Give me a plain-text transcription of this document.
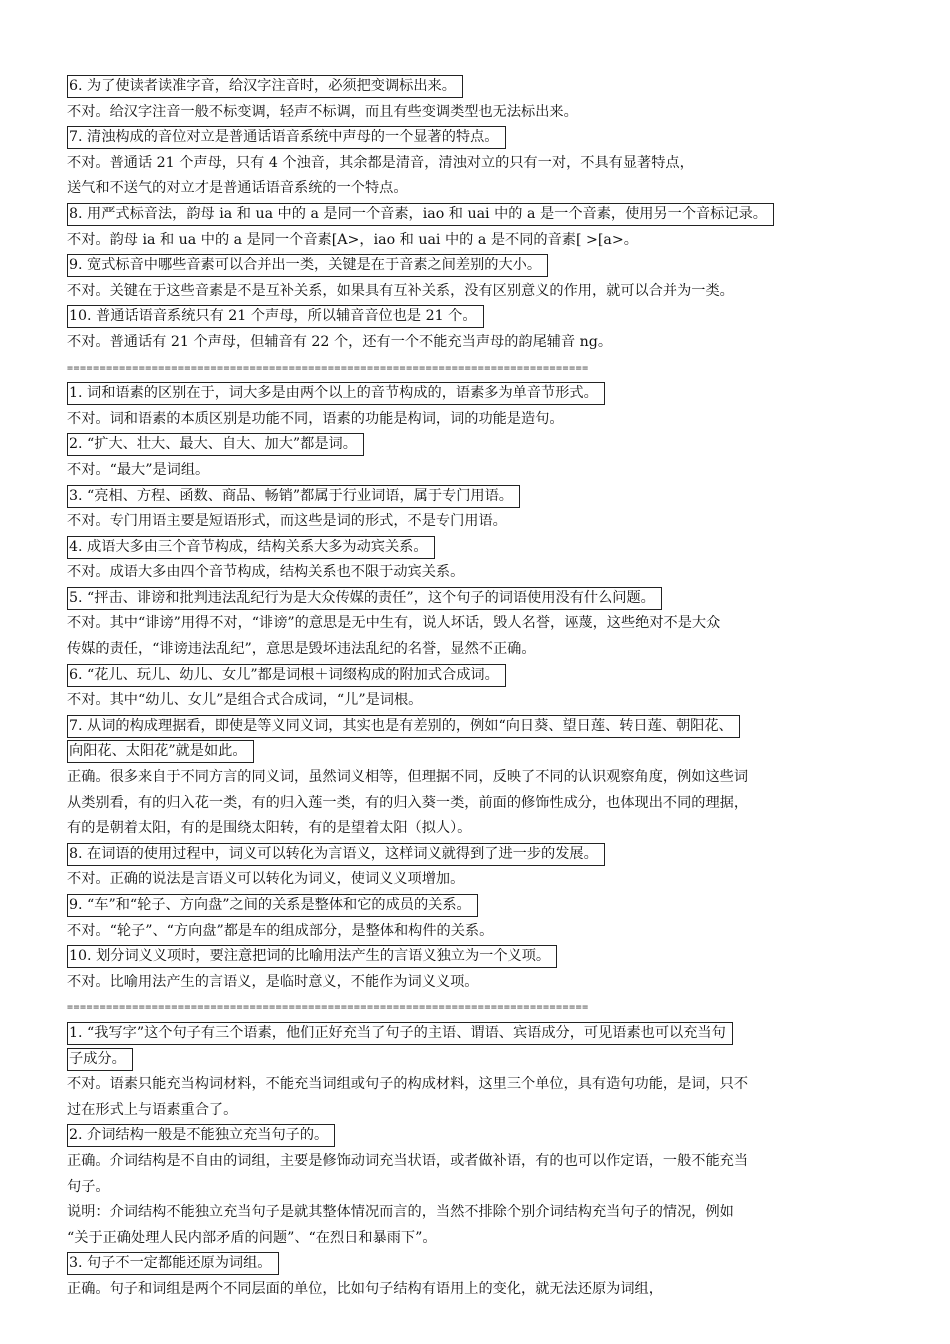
6. 为了使读者读准字音，给汉字注音时，必须把变调标出来。
不对。给汉字注音一般不标变调，轻声不标调，而且有些变调类型也无法标出来。
7. 清浊构成的音位对立是普通话语音系统中声母的一个显著的特点。
不对。普通话 21 个声母，只有 4 个浊音，其余都是清音，清浊对立的只有一对，不具有显著特点，
送气和不送气的对立才是普通话语音系统的一个特点。
8. 用严式标音法，韵母 ia 和 ua 中的 a 是同一个音素，iao 和 uai 中的 a 是一个音素，使用另一个音标记录。
不对。韵母 ia 和 ua 中的 a 是同一个音素[A>，iao 和 uai 中的 a 是不同的音素[ >[a>。
9. 宽式标音中哪些音素可以合并出一类，关键是在于音素之间差别的大小。
不对。关键在于这些音素是不是互补关系，如果具有互补关系，没有区别意义的作用，就可以合并为一类。
10. 普通话语音系统只有 21 个声母，所以辅音音位也是 21 个。
不对。普通话有 21 个声母，但辅音有 22 个，还有一个不能充当声母的韵尾辅音 ng。
================================================================================
1. 词和语素的区别在于，词大多是由两个以上的音节构成的，语素多为单音节形式。
不对。词和语素的本质区别是功能不同，语素的功能是构词，词的功能是造句。
2. “扩大、壮大、最大、自大、加大”都是词。
不对。“最大”是词组。
3. “亮相、方程、函数、商品、畅销”都属于行业词语，属于专门用语。
不对。专门用语主要是短语形式，而这些是词的形式，不是专门用语。
4. 成语大多由三个音节构成，结构关系大多为动宾关系。
不对。成语大多由四个音节构成，结构关系也不限于动宾关系。
5. “抨击、诽谤和批判违法乱纪行为是大众传媒的责任”，这个句子的词语使用没有什么问题。
不对。其中“诽谤”用得不对，“诽谤”的意思是无中生有，说人坏话，毁人名誉，诬蔑，这些绝对不是大众
传媒的责任，“诽谤违法乱纪”，意思是毁坏违法乱纪的名誉，显然不正确。
6. “花儿、玩儿、幼儿、女儿”都是词根＋词缀构成的附加式合成词。
不对。其中“幼儿、女儿”是组合式合成词，“儿”是词根。
7. 从词的构成理据看，即使是等义同义词，其实也是有差别的，例如“向日葵、望日莲、转日莲、朝阳花、
向阳花、太阳花”就是如此。
正确。很多来自于不同方言的同义词，虽然词义相等，但理据不同，反映了不同的认识观察角度，例如这些词
从类别看，有的归入花一类，有的归入莲一类，有的归入葵一类，前面的修饰性成分，也体现出不同的理据，
有的是朝着太阳，有的是围绕太阳转，有的是望着太阳（拟人）。
8. 在词语的使用过程中，词义可以转化为言语义，这样词义就得到了进一步的发展。
不对。正确的说法是言语义可以转化为词义，使词义义项增加。
9. “车”和“轮子、方向盘”之间的关系是整体和它的成员的关系。
不对。“轮子”、“方向盘”都是车的组成部分，是整体和构件的关系。
10. 划分词义义项时，要注意把词的比喻用法产生的言语义独立为一个义项。
不对。比喻用法产生的言语义，是临时意义，不能作为词义义项。
================================================================================
1. “我写字”这个句子有三个语素，他们正好充当了句子的主语、谓语、宾语成分，可见语素也可以充当句
子成分。
不对。语素只能充当构词材料，不能充当词组或句子的构成材料，这里三个单位，具有造句功能，是词，只不
过在形式上与语素重合了。
2. 介词结构一般是不能独立充当句子的。
正确。介词结构是不自由的词组，主要是修饰动词充当状语，或者做补语，有的也可以作定语，一般不能充当
句子。
说明：介词结构不能独立充当句子是就其整体情况而言的，当然不排除个别介词结构充当句子的情况，例如
“关于正确处理人民内部矛盾的问题”、“在烈日和暴雨下”。
3. 句子不一定都能还原为词组。
正确。句子和词组是两个不同层面的单位，比如句子结构有语用上的变化，就无法还原为词组，
